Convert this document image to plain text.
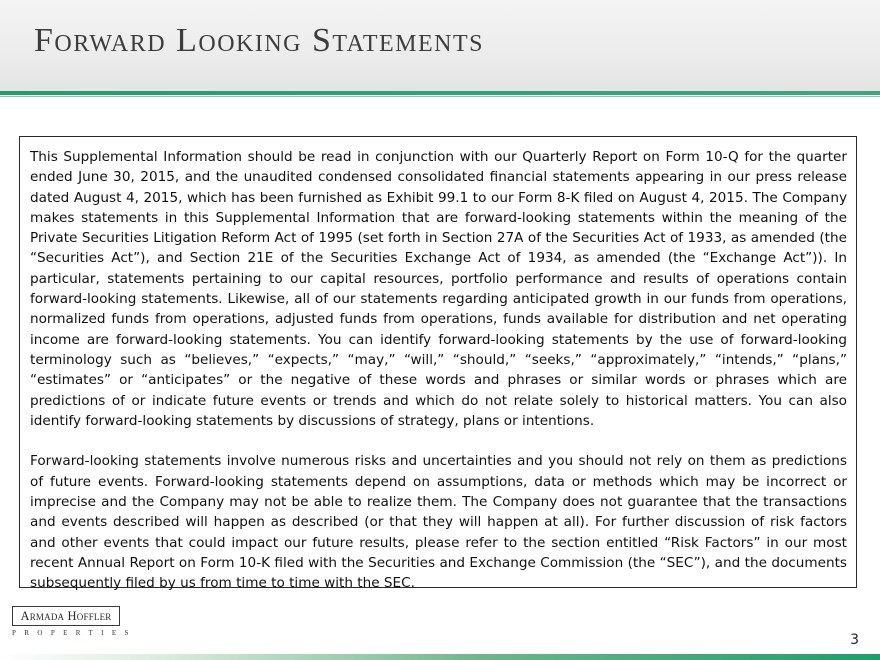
Forward Looking Statements

This Supplemental Information should be read in conjunction with our Quarterly Report on Form 10-Q for the quarter ended June 30, 2015, and the unaudited condensed consolidated financial statements appearing in our press release dated August 4, 2015, which has been furnished as Exhibit 99.1 to our Form 8-K filed on August 4, 2015. The Company makes statements in this Supplemental Information that are forward-looking statements within the meaning of the Private Securities Litigation Reform Act of 1995 (set forth in Section 27A of the Securities Act of 1933, as amended (the “Securities Act”), and Section 21E of the Securities Exchange Act of 1934, as amended (the “Exchange Act”)). In particular, statements pertaining to our capital resources, portfolio performance and results of operations contain forward-looking statements. Likewise, all of our statements regarding anticipated growth in our funds from operations, normalized funds from operations, adjusted funds from operations, funds available for distribution and net operating income are forward-looking statements. You can identify forward-looking statements by the use of forward-looking terminology such as “believes,” “expects,” “may,” “will,” “should,” “seeks,” “approximately,” “intends,” “plans,” “estimates” or “anticipates” or the negative of these words and phrases or similar words or phrases which are predictions of or indicate future events or trends and which do not relate solely to historical matters. You can also identify forward-looking statements by discussions of strategy, plans or intentions.

Forward-looking statements involve numerous risks and uncertainties and you should not rely on them as predictions of future events. Forward-looking statements depend on assumptions, data or methods which may be incorrect or imprecise and the Company may not be able to realize them. The Company does not guarantee that the transactions and events described will happen as described (or that they will happen at all). For further discussion of risk factors and other events that could impact our future results, please refer to the section entitled “Risk Factors” in our most recent Annual Report on Form 10-K filed with the Securities and Exchange Commission (the “SEC”), and the documents subsequently filed by us from time to time with the SEC.

Armada Hoffler
PROPERTIES	3
